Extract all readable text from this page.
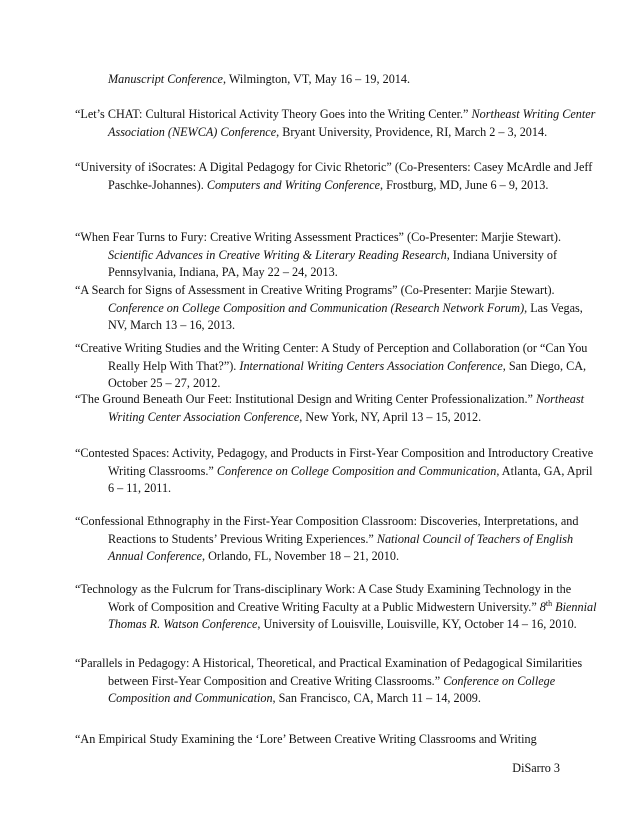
Manuscript Conference, Wilmington, VT, May 16 – 19, 2014.
“Let’s CHAT: Cultural Historical Activity Theory Goes into the Writing Center.” Northeast Writing Center Association (NEWCA) Conference, Bryant University, Providence, RI, March 2 – 3, 2014.
“University of iSocrates: A Digital Pedagogy for Civic Rhetoric” (Co-Presenters: Casey McArdle and Jeff Paschke-Johannes). Computers and Writing Conference, Frostburg, MD, June 6 – 9, 2013.
“When Fear Turns to Fury: Creative Writing Assessment Practices” (Co-Presenter: Marjie Stewart). Scientific Advances in Creative Writing & Literary Reading Research, Indiana University of Pennsylvania, Indiana, PA, May 22 – 24, 2013.
“A Search for Signs of Assessment in Creative Writing Programs” (Co-Presenter: Marjie Stewart). Conference on College Composition and Communication (Research Network Forum), Las Vegas, NV, March 13 – 16, 2013.
“Creative Writing Studies and the Writing Center: A Study of Perception and Collaboration (or “Can You Really Help With That?”). International Writing Centers Association Conference, San Diego, CA, October 25 – 27, 2012.
“The Ground Beneath Our Feet: Institutional Design and Writing Center Professionalization.” Northeast Writing Center Association Conference, New York, NY, April 13 – 15, 2012.
“Contested Spaces: Activity, Pedagogy, and Products in First-Year Composition and Introductory Creative Writing Classrooms.” Conference on College Composition and Communication, Atlanta, GA, April 6 – 11, 2011.
“Confessional Ethnography in the First-Year Composition Classroom: Discoveries, Interpretations, and Reactions to Students’ Previous Writing Experiences.” National Council of Teachers of English Annual Conference, Orlando, FL, November 18 – 21, 2010.
“Technology as the Fulcrum for Trans-disciplinary Work: A Case Study Examining Technology in the Work of Composition and Creative Writing Faculty at a Public Midwestern University.” 8th Biennial Thomas R. Watson Conference, University of Louisville, Louisville, KY, October 14 – 16, 2010.
“Parallels in Pedagogy: A Historical, Theoretical, and Practical Examination of Pedagogical Similarities between First-Year Composition and Creative Writing Classrooms.” Conference on College Composition and Communication, San Francisco, CA, March 11 – 14, 2009.
“An Empirical Study Examining the ‘Lore’ Between Creative Writing Classrooms and Writing
DiSarro 3
